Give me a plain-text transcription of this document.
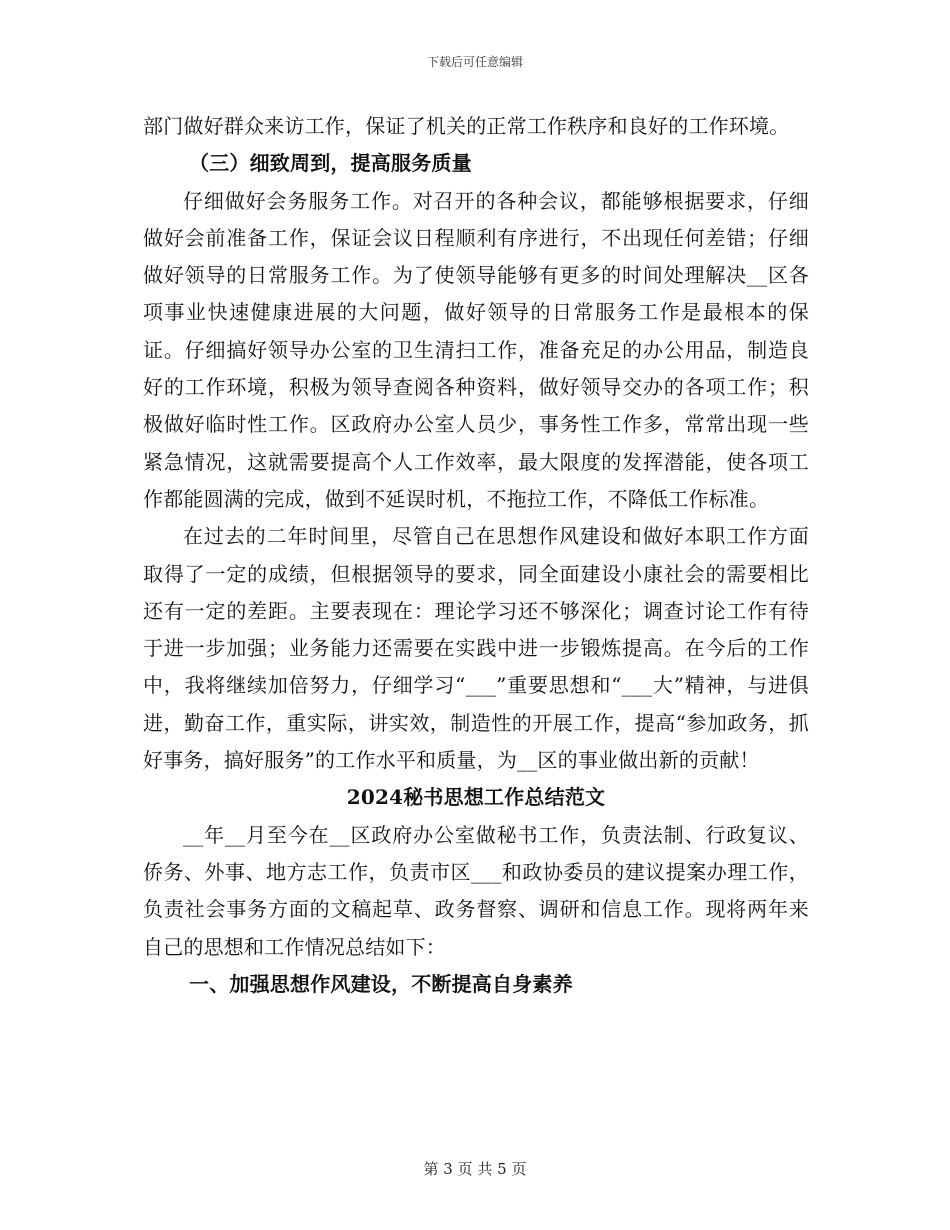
下载后可任意编辑

部门做好群众来访工作，保证了机关的正常工作秩序和良好的工作环境。

（三）细致周到，提高服务质量

仔细做好会务服务工作。对召开的各种会议，都能够根据要求，仔细做好会前准备工作，保证会议日程顺利有序进行，不出现任何差错；仔细做好领导的日常服务工作。为了使领导能够有更多的时间处理解决__区各项事业快速健康进展的大问题，做好领导的日常服务工作是最根本的保证。仔细搞好领导办公室的卫生清扫工作，准备充足的办公用品，制造良好的工作环境，积极为领导查阅各种资料，做好领导交办的各项工作；积极做好临时性工作。区政府办公室人员少，事务性工作多，常常出现一些紧急情况，这就需要提高个人工作效率，最大限度的发挥潜能，使各项工作都能圆满的完成，做到不延误时机，不拖拉工作，不降低工作标准。

在过去的二年时间里，尽管自己在思想作风建设和做好本职工作方面取得了一定的成绩，但根据领导的要求，同全面建设小康社会的需要相比还有一定的差距。主要表现在：理论学习还不够深化；调查讨论工作有待于进一步加强；业务能力还需要在实践中进一步锻炼提高。在今后的工作中，我将继续加倍努力，仔细学习“___”重要思想和“___大”精神，与进俱进，勤奋工作，重实际，讲实效，制造性的开展工作，提高“参加政务，抓好事务，搞好服务”的工作水平和质量，为__区的事业做出新的贡献！

2024秘书思想工作总结范文

__年__月至今在__区政府办公室做秘书工作，负责法制、行政复议、侨务、外事、地方志工作，负责市区___和政协委员的建议提案办理工作，负责社会事务方面的文稿起草、政务督察、调研和信息工作。现将两年来自己的思想和工作情况总结如下：

一、加强思想作风建设，不断提高自身素养

第 3 页 共 5 页
